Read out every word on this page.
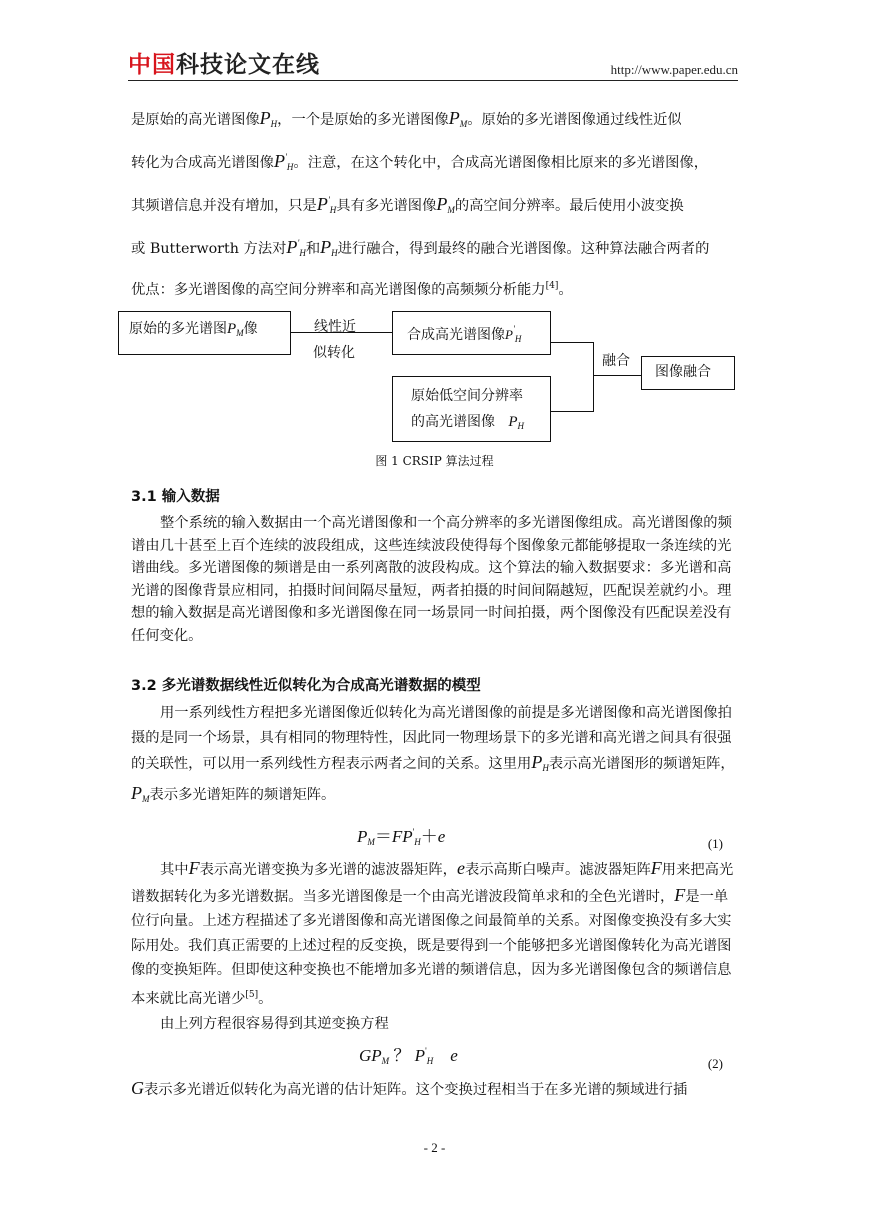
中国科技论文在线	http://www.paper.edu.cn
是原始的高光谱图像$P_H$，一个是原始的多光谱图像$P_M$。原始的多光谱图像通过线性近似
转化为合成高光谱图像$P'_H$。注意，在这个转化中，合成高光谱图像相比原来的多光谱图像，
其频谱信息并没有增加，只是$P'_H$具有多光谱图像$P_M$的高空间分辨率。最后使用小波变换
或 Butterworth 方法对$P'_H$和$P_H$进行融合，得到最终的融合光谱图像。这种算法融合两者的
优点：多光谱图像的高空间分辨率和高光谱图像的高频频分析能力[4]。
原始的多光谱图$P_M$像	线性近
似转化
合成高光谱图像$P'_H$
原始低空间分辨率
的高光谱图像 $P_H$
融合
图像融合
图 1 CRSIP 算法过程
3.1 输入数据
整个系统的输入数据由一个高光谱图像和一个高分辨率的多光谱图像组成。高光谱图像的频谱由几十甚至上百个连续的波段组成，这些连续波段使得每个图像象元都能够提取一条连续的光谱曲线。多光谱图像的频谱是由一系列离散的波段构成。这个算法的输入数据要求：多光谱和高光谱的图像背景应相同，拍摄时间间隔尽量短，两者拍摄的时间间隔越短，匹配误差就约小。理想的输入数据是高光谱图像和多光谱图像在同一场景同一时间拍摄，两个图像没有匹配误差没有任何变化。
3.2 多光谱数据线性近似转化为合成高光谱数据的模型
用一系列线性方程把多光谱图像近似转化为高光谱图像的前提是多光谱图像和高光谱图像拍摄的是同一个场景，具有相同的物理特性，因此同一物理场景下的多光谱和高光谱之间具有很强的关联性，可以用一系列线性方程表示两者之间的关系。这里用$P_H$表示高光谱图形的频谱矩阵，$P_M$表示多光谱矩阵的频谱矩阵。
$P_M=FP'_H+e$	(1)
其中F表示高光谱变换为多光谱的滤波器矩阵，e表示高斯白噪声。滤波器矩阵F用来把高光谱数据转化为多光谱数据。当多光谱图像是一个由高光谱波段简单求和的全色光谱时，F是一单位行向量。上述方程描述了多光谱图像和高光谱图像之间最简单的关系。对图像变换没有多大实际用处。我们真正需要的上述过程的反变换，既是要得到一个能够把多光谱图像转化为高光谱图像的变换矩阵。但即使这种变换也不能增加多光谱的频谱信息，因为多光谱图像包含的频谱信息本来就比高光谱少[5]。
由上列方程很容易得到其逆变换方程
$GP_M$ ？ $P'_H$ e	(2)
G表示多光谱近似转化为高光谱的估计矩阵。这个变换过程相当于在多光谱的频域进行插
- 2 -
